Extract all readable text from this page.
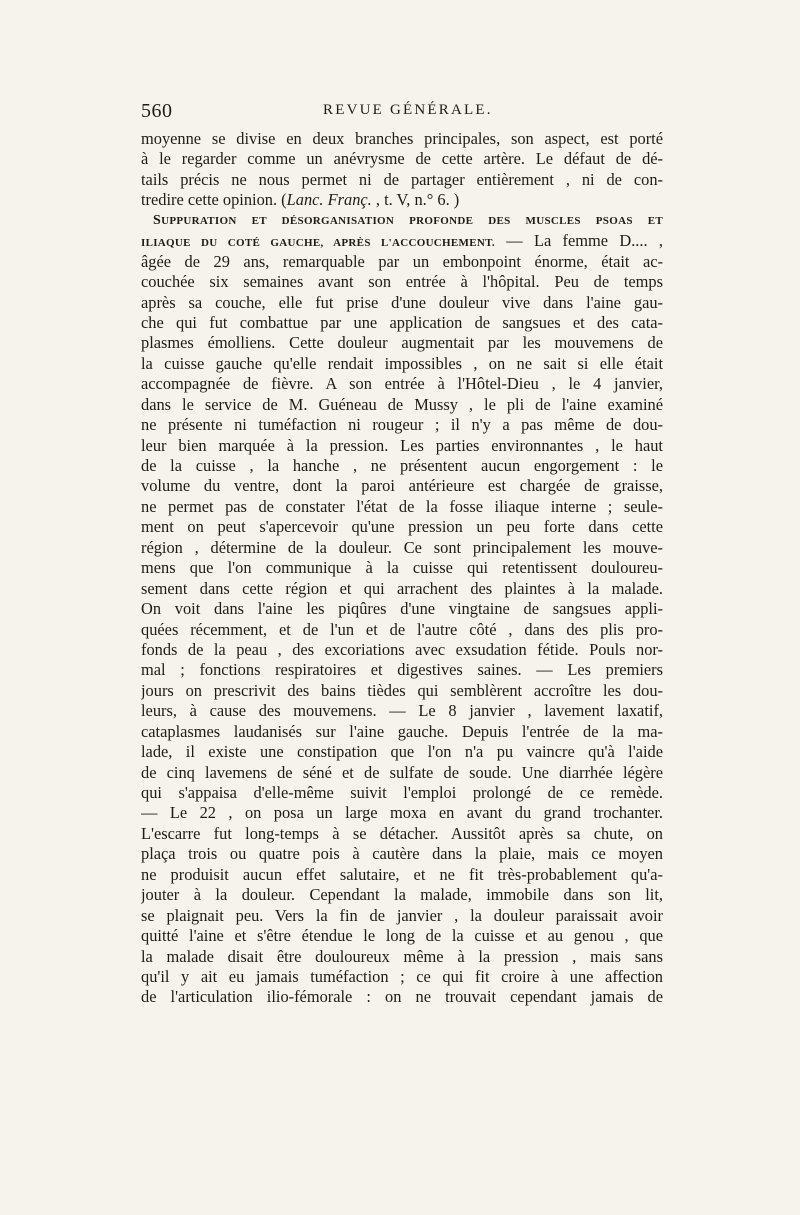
560	REVUE GÉNÉRALE.
moyenne se divise en deux branches principales, son aspect, est porté
à le regarder comme un anévrysme de cette artère. Le défaut de dé-
tails précis ne nous permet ni de partager entièrement , ni de con-
tredire cette opinion. (Lanc. Franç. , t. V, n.° 6. )
SUPPURATION ET DÉSORGANISATION PROFONDE DES MUSCLES PSOAS ET
ILIAQUE DU COTÉ GAUCHE, APRÈS L'ACCOUCHEMENT. — La femme D.... ,
âgée de 29 ans, remarquable par un embonpoint énorme, était ac-
couchée six semaines avant son entrée à l'hôpital. Peu de temps
après sa couche, elle fut prise d'une douleur vive dans l'aine gau-
che qui fut combattue par une application de sangsues et des cata-
plasmes émolliens. Cette douleur augmentait par les mouvemens de
la cuisse gauche qu'elle rendait impossibles , on ne sait si elle était
accompagnée de fièvre. A son entrée à l'Hôtel-Dieu , le 4 janvier,
dans le service de M. Guéneau de Mussy , le pli de l'aine examiné
ne présente ni tuméfaction ni rougeur ; il n'y a pas même de dou-
leur bien marquée à la pression. Les parties environnantes , le haut
de la cuisse , la hanche , ne présentent aucun engorgement : le
volume du ventre, dont la paroi antérieure est chargée de graisse,
ne permet pas de constater l'état de la fosse iliaque interne ; seule-
ment on peut s'apercevoir qu'une pression un peu forte dans cette
région , détermine de la douleur. Ce sont principalement les mouve-
mens que l'on communique à la cuisse qui retentissent douloureu-
sement dans cette région et qui arrachent des plaintes à la malade.
On voit dans l'aine les piqûres d'une vingtaine de sangsues appli-
quées récemment, et de l'un et de l'autre côté , dans des plis pro-
fonds de la peau , des excoriations avec exsudation fétide. Pouls nor-
mal ; fonctions respiratoires et digestives saines. — Les premiers
jours on prescrivit des bains tièdes qui semblèrent accroître les dou-
leurs, à cause des mouvemens. — Le 8 janvier , lavement laxatif,
cataplasmes laudanisés sur l'aine gauche. Depuis l'entrée de la ma-
lade, il existe une constipation que l'on n'a pu vaincre qu'à l'aide
de cinq lavemens de séné et de sulfate de soude. Une diarrhée légère
qui s'appaisa d'elle-même suivit l'emploi prolongé de ce remède.
— Le 22 , on posa un large moxa en avant du grand trochanter.
L'escarre fut long-temps à se détacher. Aussitôt après sa chute, on
plaça trois ou quatre pois à cautère dans la plaie, mais ce moyen
ne produisit aucun effet salutaire, et ne fit très-probablement qu'a-
jouter à la douleur. Cependant la malade, immobile dans son lit,
se plaignait peu. Vers la fin de janvier , la douleur paraissait avoir
quitté l'aine et s'être étendue le long de la cuisse et au genou , que
la malade disait être douloureux même à la pression , mais sans
qu'il y ait eu jamais tuméfaction ; ce qui fit croire à une affection
de l'articulation ilio-fémorale : on ne trouvait cependant jamais de
